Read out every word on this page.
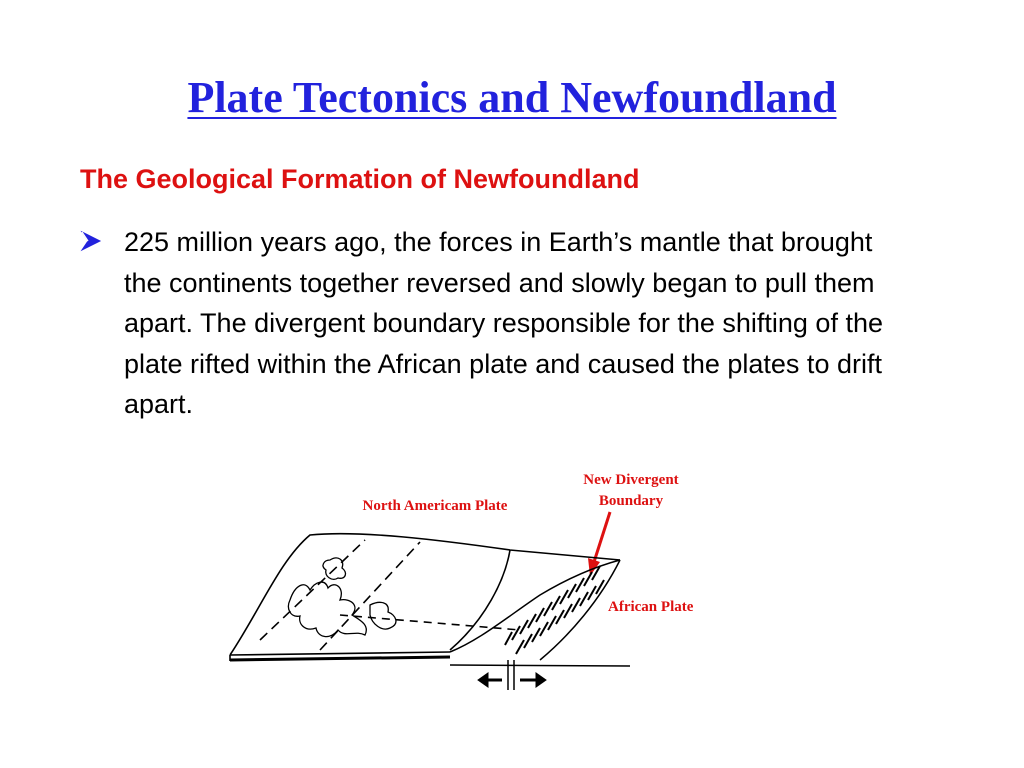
Plate Tectonics and Newfoundland
The Geological Formation of Newfoundland

225 million years ago, the forces in Earth’s mantle that brought the continents together reversed and slowly began to pull them apart. The divergent boundary responsible for the shifting of the plate rifted within the African plate and caused the plates to drift apart.

North Americam Plate
New Divergent Boundary
African Plate
